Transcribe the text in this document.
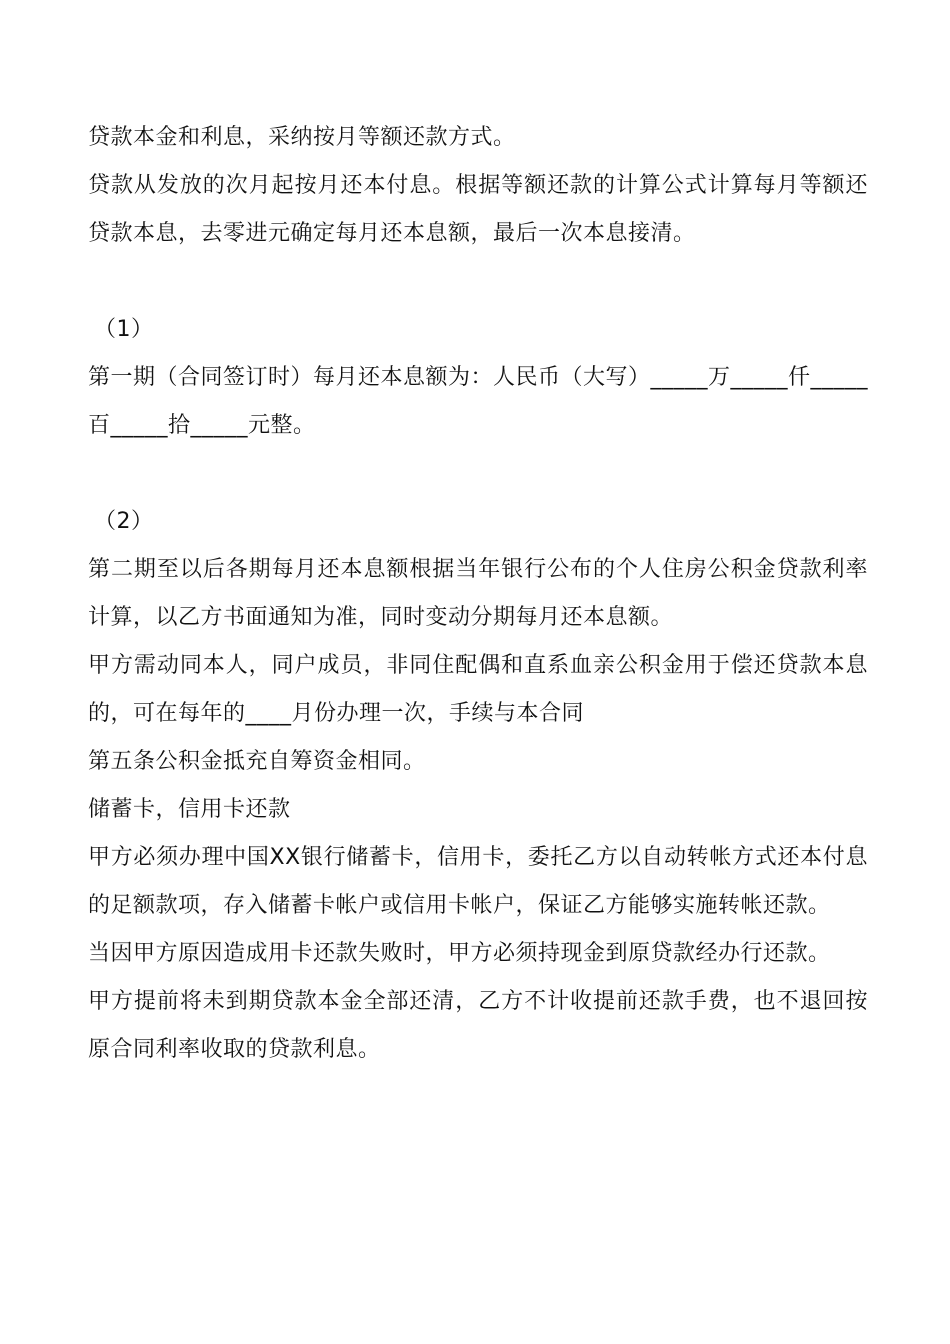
贷款本金和利息，采纳按月等额还款方式。

贷款从发放的次月起按月还本付息。根据等额还款的计算公式计算每月等额还贷款本息，去零进元确定每月还本息额，最后一次本息接清。

（1）

第一期（合同签订时）每月还本息额为：人民币（大写）_____万_____仟_____百_____拾_____元整。

（2）

第二期至以后各期每月还本息额根据当年银行公布的个人住房公积金贷款利率计算，以乙方书面通知为准，同时变动分期每月还本息额。

甲方需动同本人，同户成员，非同住配偶和直系血亲公积金用于偿还贷款本息的，可在每年的____月份办理一次，手续与本合同

第五条公积金抵充自筹资金相同。

储蓄卡，信用卡还款

甲方必须办理中国XX银行储蓄卡，信用卡，委托乙方以自动转帐方式还本付息的足额款项，存入储蓄卡帐户或信用卡帐户，保证乙方能够实施转帐还款。

当因甲方原因造成用卡还款失败时，甲方必须持现金到原贷款经办行还款。

甲方提前将未到期贷款本金全部还清，乙方不计收提前还款手费，也不退回按原合同利率收取的贷款利息。
